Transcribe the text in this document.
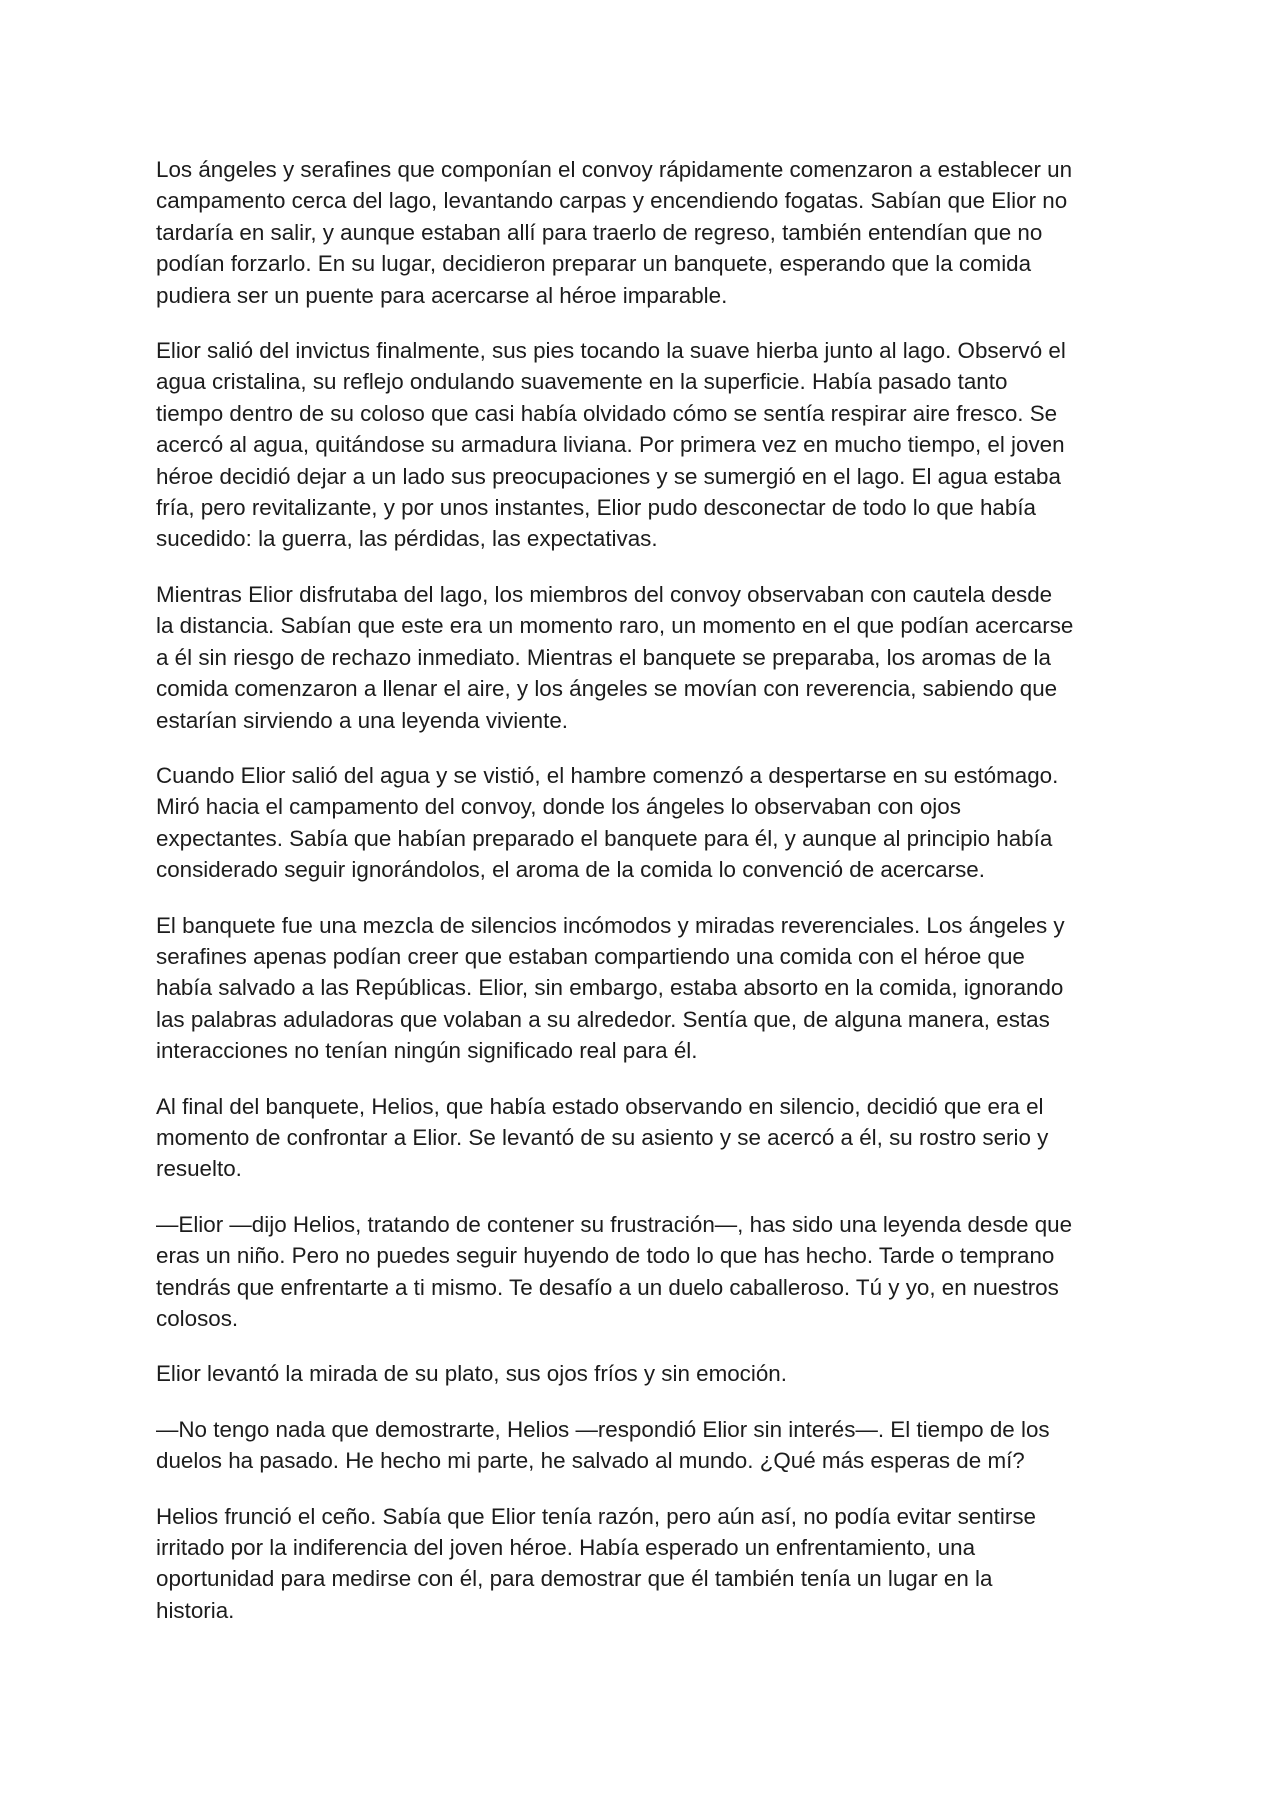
Los ángeles y serafines que componían el convoy rápidamente comenzaron a establecer un
campamento cerca del lago, levantando carpas y encendiendo fogatas. Sabían que Elior no
tardaría en salir, y aunque estaban allí para traerlo de regreso, también entendían que no
podían forzarlo. En su lugar, decidieron preparar un banquete, esperando que la comida
pudiera ser un puente para acercarse al héroe imparable.

Elior salió del invictus finalmente, sus pies tocando la suave hierba junto al lago. Observó el
agua cristalina, su reflejo ondulando suavemente en la superficie. Había pasado tanto
tiempo dentro de su coloso que casi había olvidado cómo se sentía respirar aire fresco. Se
acercó al agua, quitándose su armadura liviana. Por primera vez en mucho tiempo, el joven
héroe decidió dejar a un lado sus preocupaciones y se sumergió en el lago. El agua estaba
fría, pero revitalizante, y por unos instantes, Elior pudo desconectar de todo lo que había
sucedido: la guerra, las pérdidas, las expectativas.

Mientras Elior disfrutaba del lago, los miembros del convoy observaban con cautela desde
la distancia. Sabían que este era un momento raro, un momento en el que podían acercarse
a él sin riesgo de rechazo inmediato. Mientras el banquete se preparaba, los aromas de la
comida comenzaron a llenar el aire, y los ángeles se movían con reverencia, sabiendo que
estarían sirviendo a una leyenda viviente.

Cuando Elior salió del agua y se vistió, el hambre comenzó a despertarse en su estómago.
Miró hacia el campamento del convoy, donde los ángeles lo observaban con ojos
expectantes. Sabía que habían preparado el banquete para él, y aunque al principio había
considerado seguir ignorándolos, el aroma de la comida lo convenció de acercarse.

El banquete fue una mezcla de silencios incómodos y miradas reverenciales. Los ángeles y
serafines apenas podían creer que estaban compartiendo una comida con el héroe que
había salvado a las Repúblicas. Elior, sin embargo, estaba absorto en la comida, ignorando
las palabras aduladoras que volaban a su alrededor. Sentía que, de alguna manera, estas
interacciones no tenían ningún significado real para él.

Al final del banquete, Helios, que había estado observando en silencio, decidió que era el
momento de confrontar a Elior. Se levantó de su asiento y se acercó a él, su rostro serio y
resuelto.

—Elior —dijo Helios, tratando de contener su frustración—, has sido una leyenda desde que
eras un niño. Pero no puedes seguir huyendo de todo lo que has hecho. Tarde o temprano
tendrás que enfrentarte a ti mismo. Te desafío a un duelo caballeroso. Tú y yo, en nuestros
colosos.

Elior levantó la mirada de su plato, sus ojos fríos y sin emoción.

—No tengo nada que demostrarte, Helios —respondió Elior sin interés—. El tiempo de los
duelos ha pasado. He hecho mi parte, he salvado al mundo. ¿Qué más esperas de mí?

Helios frunció el ceño. Sabía que Elior tenía razón, pero aún así, no podía evitar sentirse
irritado por la indiferencia del joven héroe. Había esperado un enfrentamiento, una
oportunidad para medirse con él, para demostrar que él también tenía un lugar en la
historia.
